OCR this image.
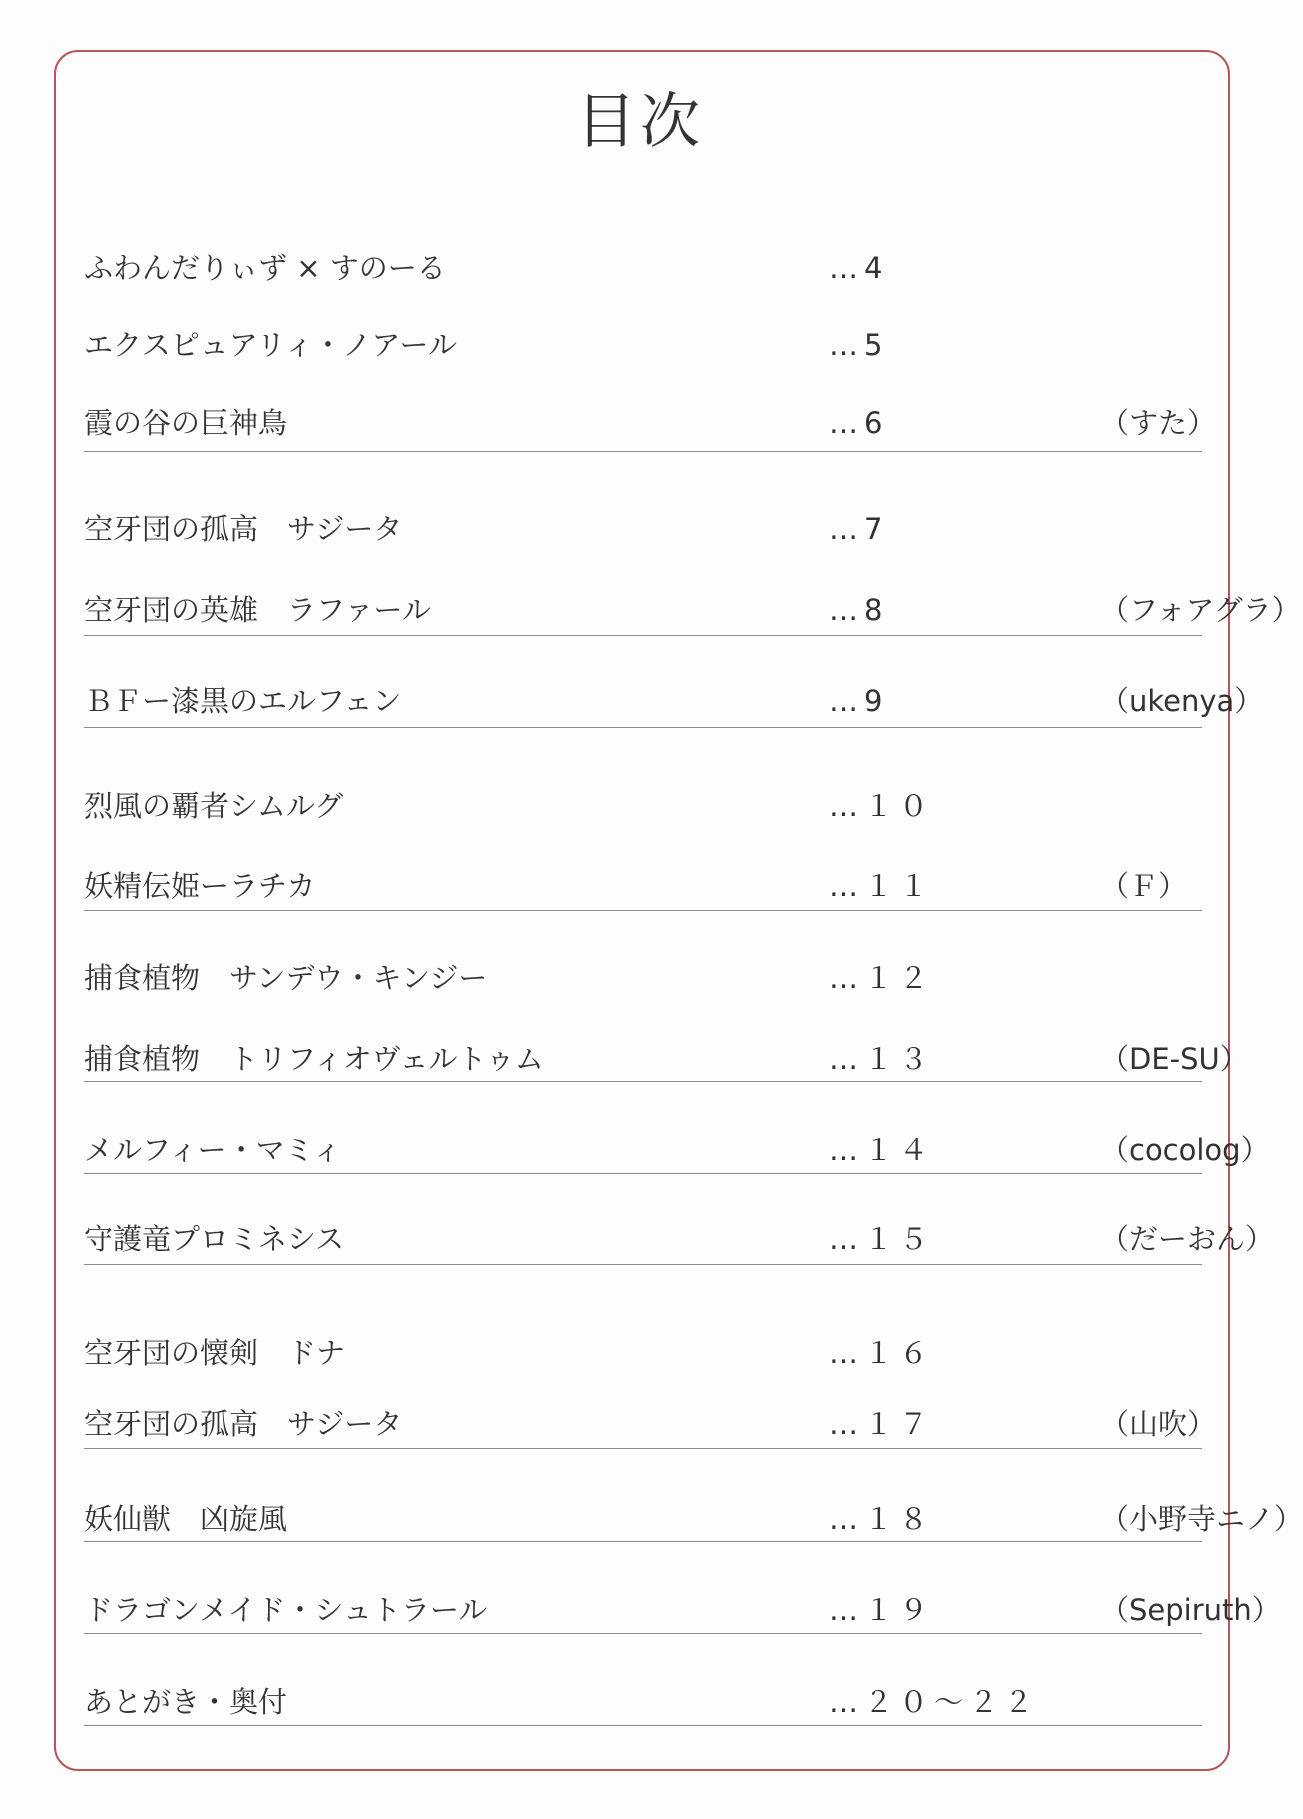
目次
ふわんだりぃず × すのーる	…4
エクスピュアリィ・ノアール	…5
霞の谷の巨神鳥	…6	（すた）
空牙団の孤高　サジータ	…7
空牙団の英雄　ラファール	…8	（フォアグラ）
ＢＦー漆黒のエルフェン	…9	（ukenya）
烈風の覇者シムルグ	…１０
妖精伝姫ーラチカ	…１１	（Ｆ）
捕食植物　サンデウ・キンジー	…１２
捕食植物　トリフィオヴェルトゥム	…１３	（DE-SU）
メルフィー・マミィ	…１４	（cocolog）
守護竜プロミネシス	…１５	（だーおん）
空牙団の懐剣　ドナ	…１６
空牙団の孤高　サジータ	…１７	（山吹）
妖仙獣　凶旋風	…１８	（小野寺ニノ）
ドラゴンメイド・シュトラール	…１９	（Sepiruth）
あとがき・奥付	…２０～２２
